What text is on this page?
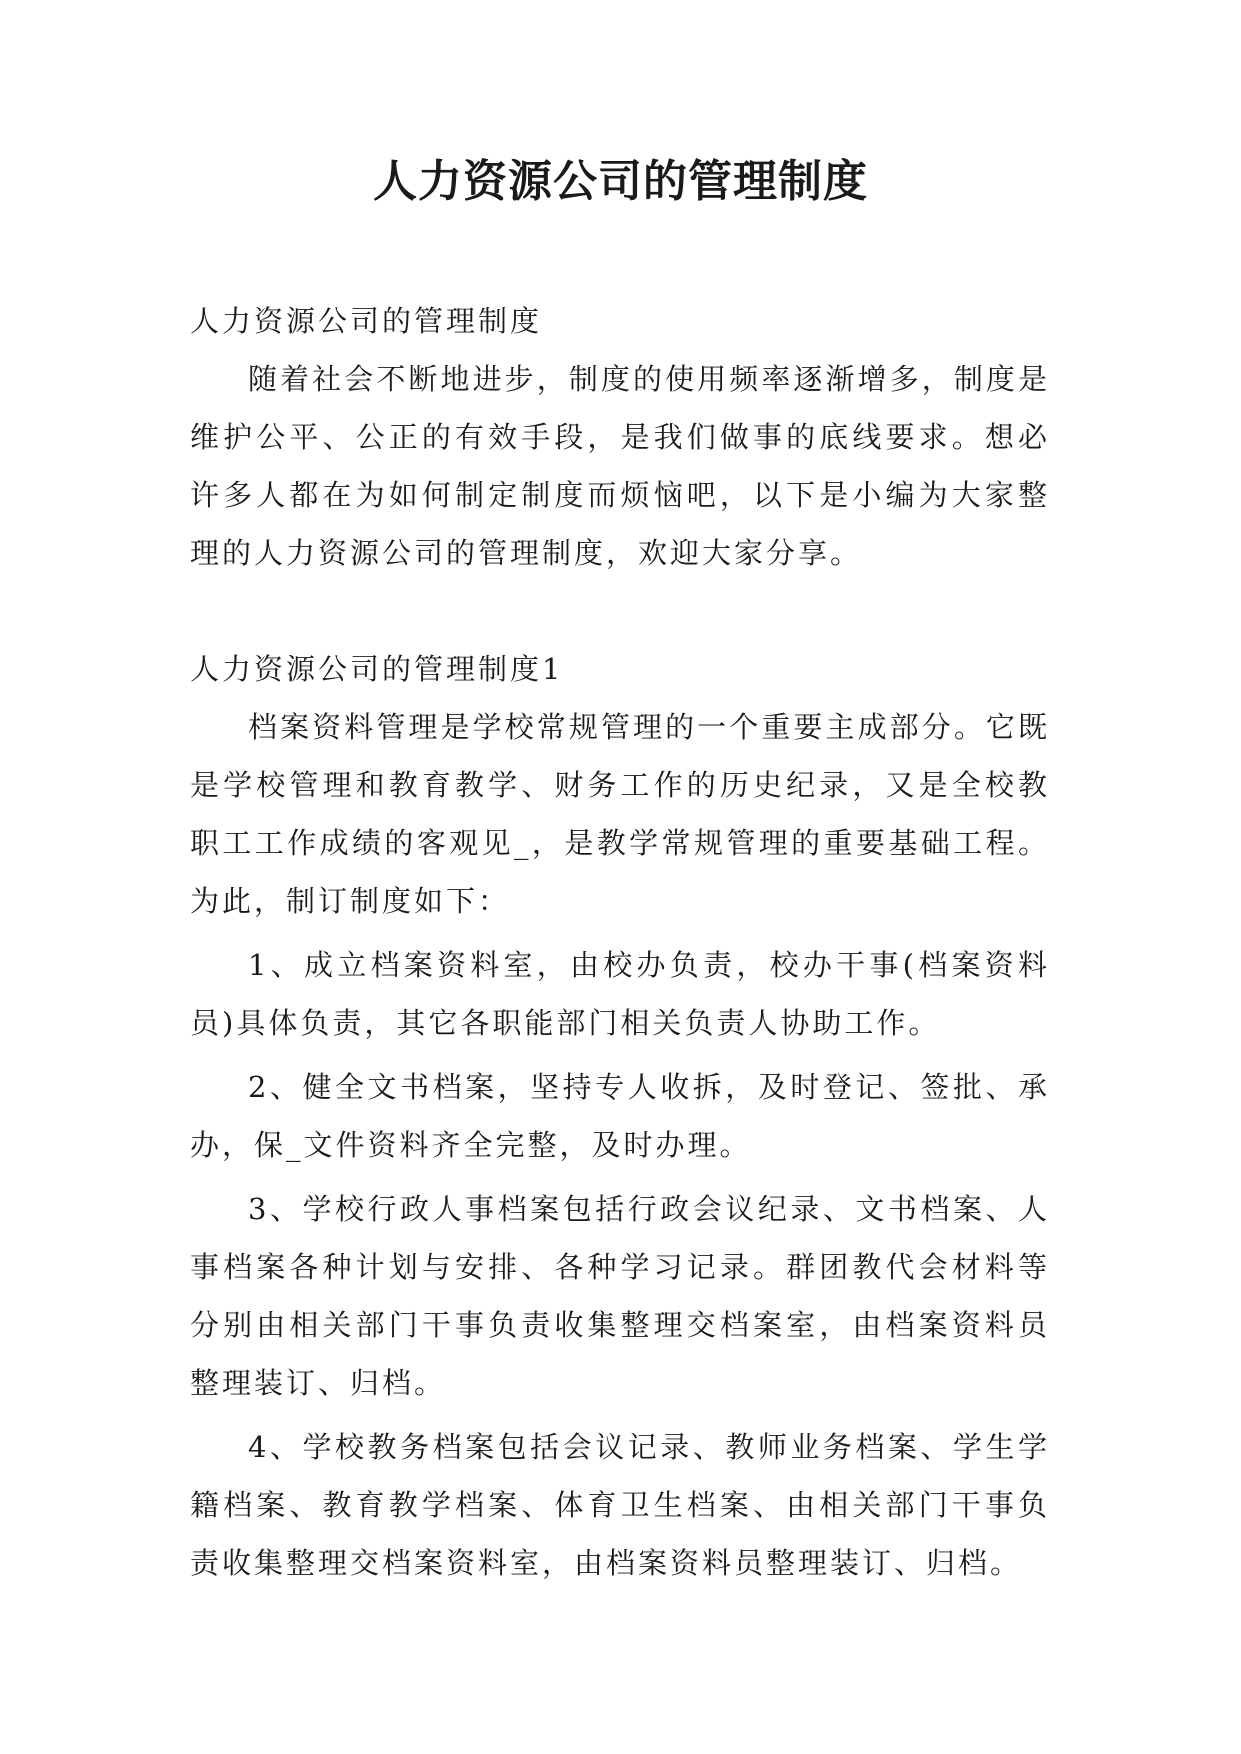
人力资源公司的管理制度

人力资源公司的管理制度

随着社会不断地进步，制度的使用频率逐渐增多，制度是维护公平、公正的有效手段，是我们做事的底线要求。想必许多人都在为如何制定制度而烦恼吧，以下是小编为大家整理的人力资源公司的管理制度，欢迎大家分享。

人力资源公司的管理制度1

档案资料管理是学校常规管理的一个重要主成部分。它既是学校管理和教育教学、财务工作的历史纪录，又是全校教职工工作成绩的客观见_，是教学常规管理的重要基础工程。为此，制订制度如下：

1、成立档案资料室，由校办负责，校办干事(档案资料员)具体负责，其它各职能部门相关负责人协助工作。

2、健全文书档案，坚持专人收拆，及时登记、签批、承办，保_文件资料齐全完整，及时办理。

3、学校行政人事档案包括行政会议纪录、文书档案、人事档案各种计划与安排、各种学习记录。群团教代会材料等分别由相关部门干事负责收集整理交档案室，由档案资料员整理装订、归档。

4、学校教务档案包括会议记录、教师业务档案、学生学籍档案、教育教学档案、体育卫生档案、由相关部门干事负责收集整理交档案资料室，由档案资料员整理装订、归档。
